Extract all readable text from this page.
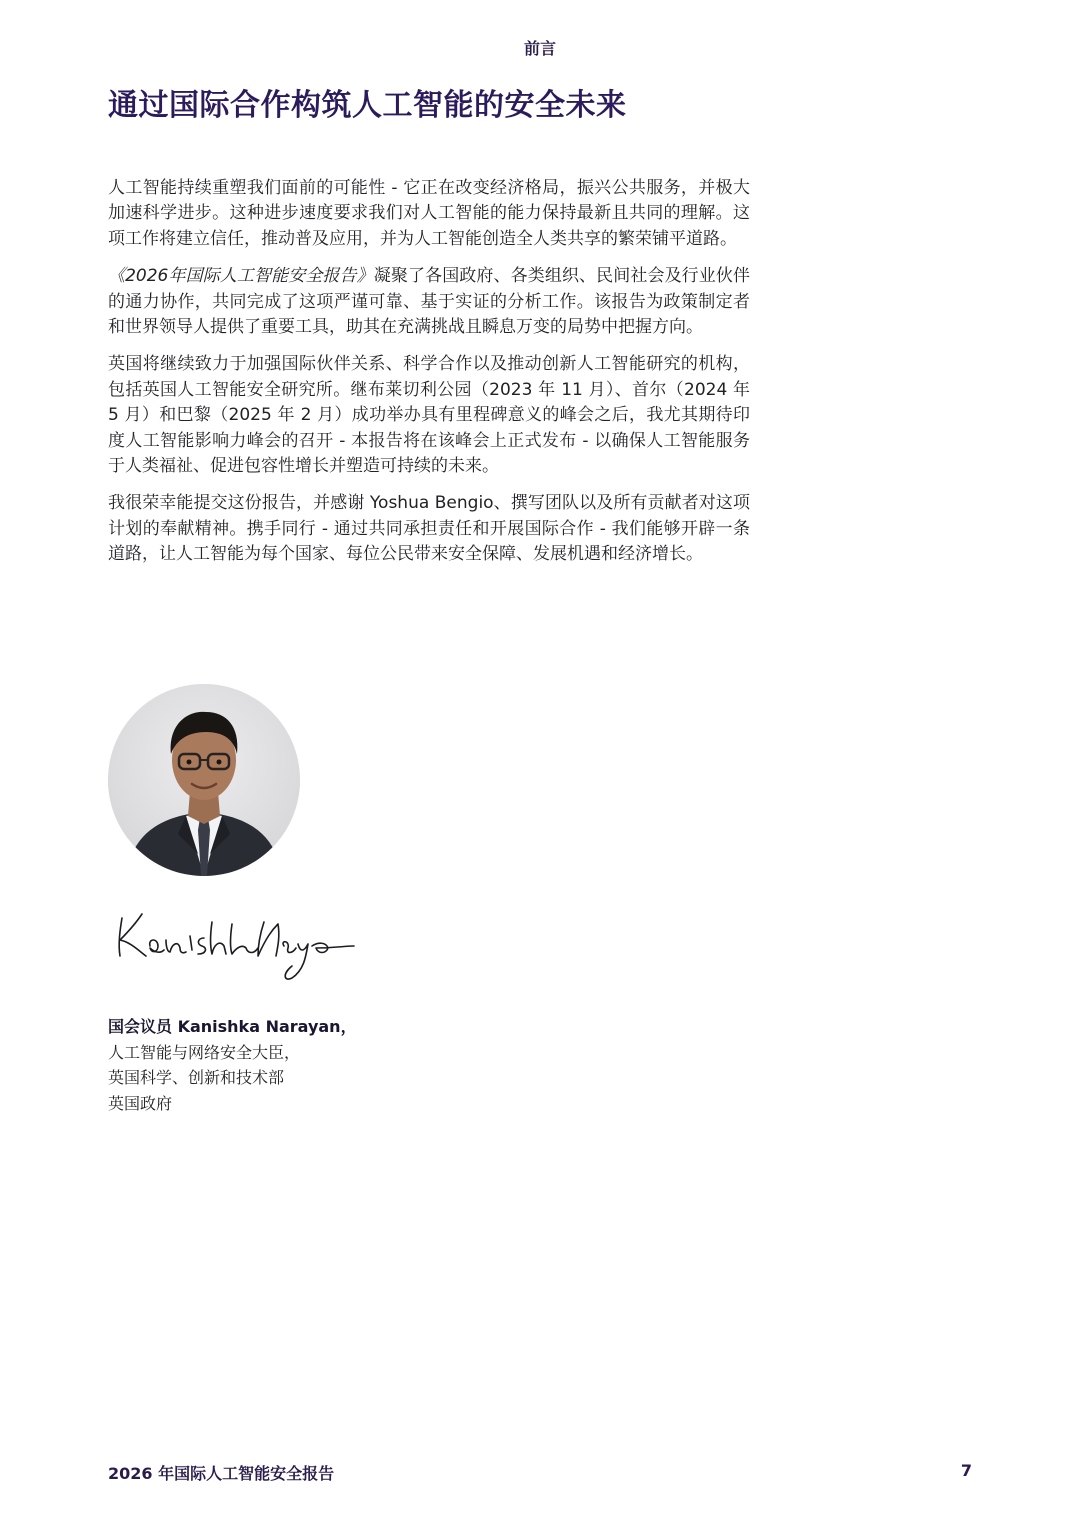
前言
通过国际合作构筑人工智能的安全未来

人工智能持续重塑我们面前的可能性 - 它正在改变经济格局，振兴公共服务，并极大加速科学进步。这种进步速度要求我们对人工智能的能力保持最新且共同的理解。这项工作将建立信任，推动普及应用，并为人工智能创造全人类共享的繁荣铺平道路。

《2026年国际人工智能安全报告》凝聚了各国政府、各类组织、民间社会及行业伙伴的通力协作，共同完成了这项严谨可靠、基于实证的分析工作。该报告为政策制定者和世界领导人提供了重要工具，助其在充满挑战且瞬息万变的局势中把握方向。

英国将继续致力于加强国际伙伴关系、科学合作以及推动创新人工智能研究的机构，包括英国人工智能安全研究所。继布莱切利公园（2023 年 11 月）、首尔（2024 年 5 月）和巴黎（2025 年 2 月）成功举办具有里程碑意义的峰会之后，我尤其期待印度人工智能影响力峰会的召开 - 本报告将在该峰会上正式发布 - 以确保人工智能服务于人类福祉、促进包容性增长并塑造可持续的未来。

我很荣幸能提交这份报告，并感谢 Yoshua Bengio、撰写团队以及所有贡献者对这项计划的奉献精神。携手同行 - 通过共同承担责任和开展国际合作 - 我们能够开辟一条道路，让人工智能为每个国家、每位公民带来安全保障、发展机遇和经济增长。

国会议员 Kanishka Narayan，
人工智能与网络安全大臣，
英国科学、创新和技术部
英国政府
2026 年国际人工智能安全报告	7
